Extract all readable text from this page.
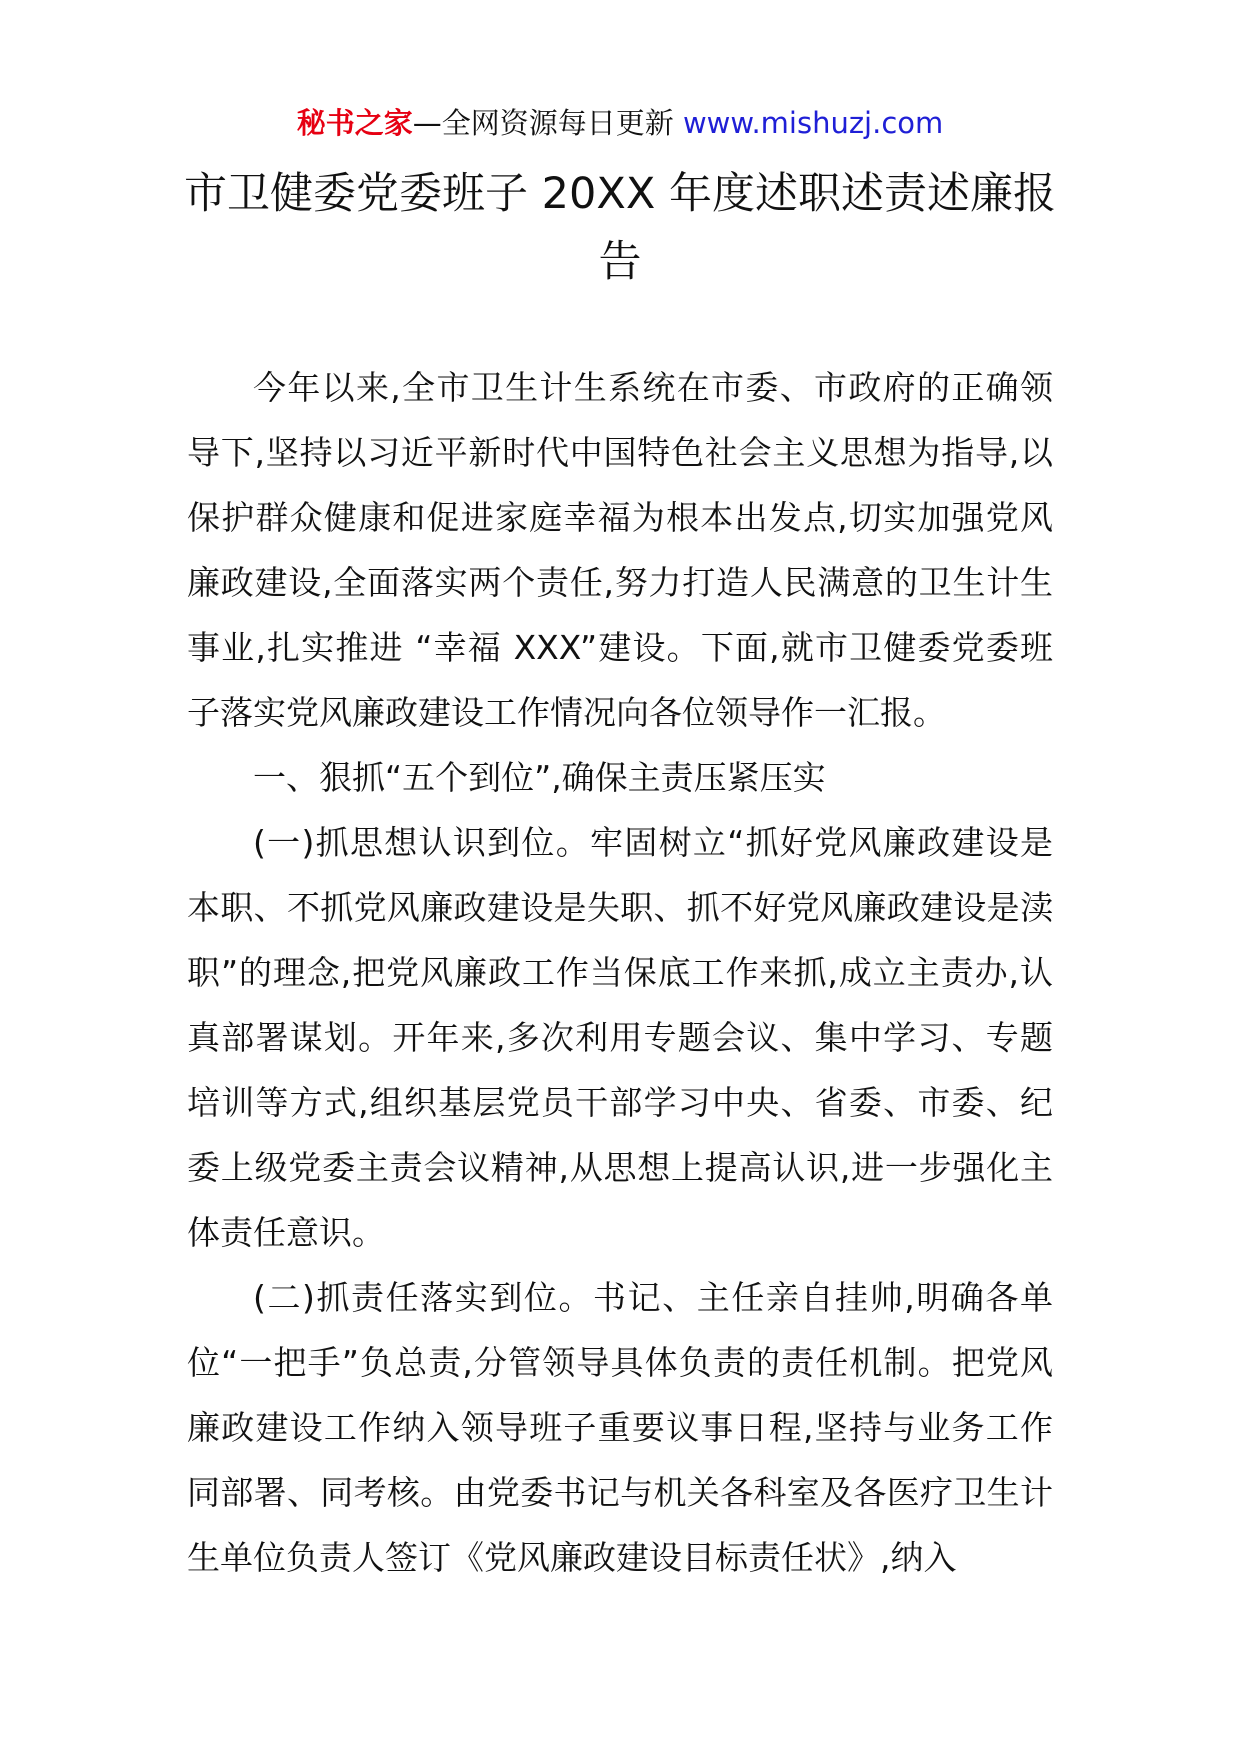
秘书之家—全网资源每日更新 www.mishuzj.com
市卫健委党委班子 20XX 年度述职述责述廉报告

今年以来,全市卫生计生系统在市委、市政府的正确领导下,坚持以习近平新时代中国特色社会主义思想为指导,以保护群众健康和促进家庭幸福为根本出发点,切实加强党风廉政建设,全面落实两个责任,努力打造人民满意的卫生计生事业,扎实推进 “幸福 XXX”建设。下面,就市卫健委党委班子落实党风廉政建设工作情况向各位领导作一汇报。

一、狠抓“五个到位”,确保主责压紧压实

(一)抓思想认识到位。牢固树立“抓好党风廉政建设是本职、不抓党风廉政建设是失职、抓不好党风廉政建设是渎职”的理念,把党风廉政工作当保底工作来抓,成立主责办,认真部署谋划。开年来,多次利用专题会议、集中学习、专题培训等方式,组织基层党员干部学习中央、省委、市委、纪委上级党委主责会议精神,从思想上提高认识,进一步强化主体责任意识。

(二)抓责任落实到位。书记、主任亲自挂帅,明确各单位“一把手”负总责,分管领导具体负责的责任机制。把党风廉政建设工作纳入领导班子重要议事日程,坚持与业务工作同部署、同考核。由党委书记与机关各科室及各医疗卫生计生单位负责人签订《党风廉政建设目标责任状》,纳入
